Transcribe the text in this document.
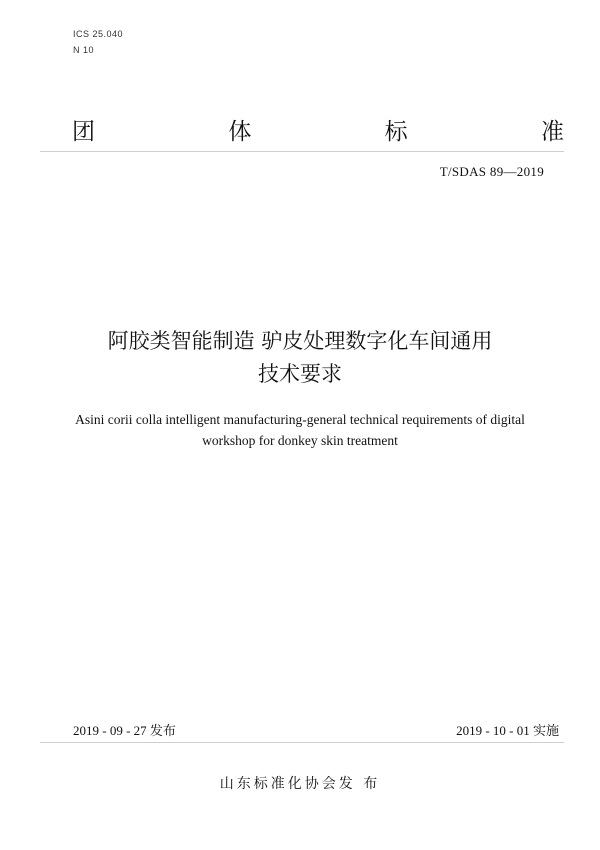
ICS 25.040
N 10
团	体	标	准
T/SDAS 89—2019
阿胶类智能制造 驴皮处理数字化车间通用
技术要求
Asini corii colla intelligent manufacturing-general technical requirements of digital
workshop for donkey skin treatment
2019 - 09 - 27 发布	2019 - 10 - 01 实施
山东标准化协会发 布
